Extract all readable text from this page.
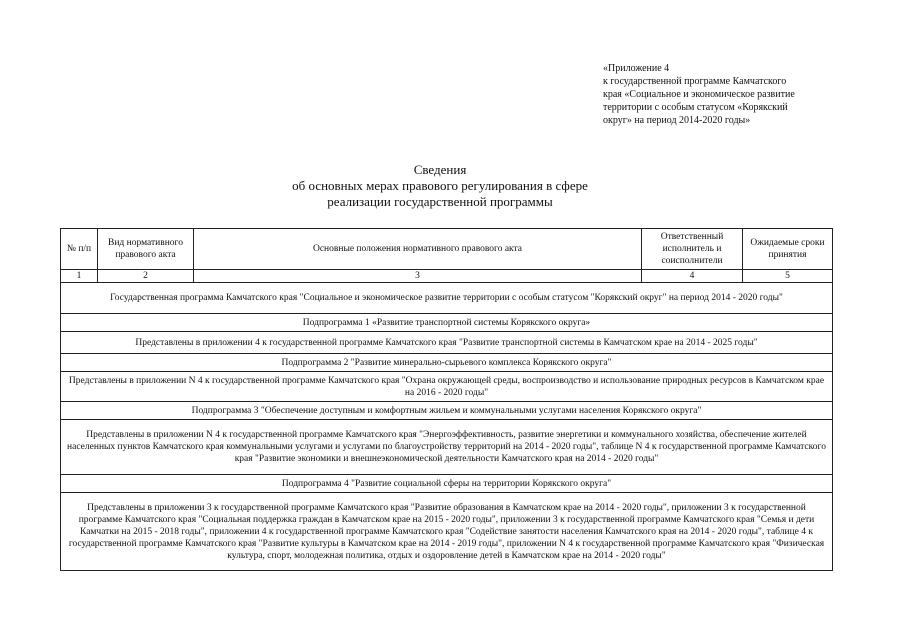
«Приложение 4
к государственной программе Камчатского
края «Социальное и экономическое развитие
территории с особым статусом «Корякский
округ» на период 2014-2020 годы»
Сведения
об основных мерах правового регулирования в сфере
реализации государственной программы
№ п/п	Вид нормативного правового акта	Основные положения нормативного правового акта	Ответственный исполнитель и соисполнители	Ожидаемые сроки принятия
1	2	3	4	5
Государственная программа Камчатского края "Социальное и экономическое развитие территории с особым статусом "Корякский округ" на период 2014 - 2020 годы"				
Подпрограмма 1 «Развитие транспортной системы Корякского округа»				
Представлены в приложении 4 к государственной программе Камчатского края "Развитие транспортной системы в Камчатском крае на 2014 - 2025 годы"				
Подпрограмма 2 "Развитие минерально-сырьевого комплекса Корякского округа"				
Представлены в приложении N 4 к государственной программе Камчатского края "Охрана окружающей среды, воспроизводство и использование природных ресурсов в Камчатском крае на 2016 - 2020 годы"				
Подпрограмма 3 "Обеспечение доступным и комфортным жильем и коммунальными услугами населения Корякского округа"				
Представлены в приложении N 4 к государственной программе Камчатского края "Энергоэффективность, развитие энергетики и коммунального хозяйства, обеспечение жителей населенных пунктов Камчатского края коммунальными услугами и услугами по благоустройству территорий на 2014 - 2020 годы", таблице N 4 к государственной программе Камчатского края "Развитие экономики и внешнеэкономической деятельности Камчатского края на 2014 - 2020 годы"				
Подпрограмма 4 "Развитие социальной сферы на территории Корякского округа"				
Представлены в приложении 3 к государственной программе Камчатского края "Развитие образования в Камчатском крае на 2014 - 2020 годы", приложении 3 к государственной программе Камчатского края "Социальная поддержка граждан в Камчатском крае на 2015 - 2020 годы", приложении 3 к государственной программе Камчатского края "Семья и дети Камчатки на 2015 - 2018 годы", приложении 4 к государственной программе Камчатского края "Содействие занятости населения Камчатского края на 2014 - 2020 годы", таблице 4 к государственной программе Камчатского края "Развитие культуры в Камчатском крае на 2014 - 2019 годы", приложении N 4 к государственной программе Камчатского края "Физическая культура, спорт, молодежная политика, отдых и оздоровление детей в Камчатском крае на 2014 - 2020 годы"				
